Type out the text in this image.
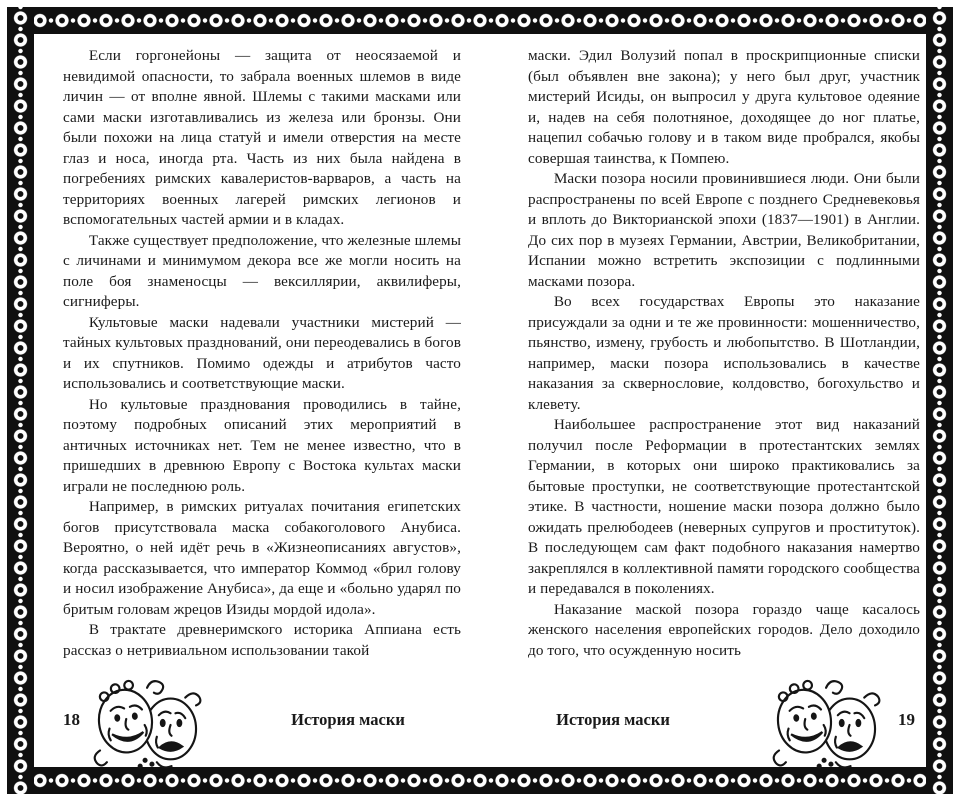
Если горгонейоны — защита от неосязаемой и невидимой опасности, то забрала военных шлемов в виде личин — от вполне явной. Шлемы с такими масками или сами маски изготавливались из железа или бронзы. Они были похожи на лица статуй и имели отверстия на месте глаз и носа, иногда рта. Часть из них была найдена в погребениях римских кавалеристов-варваров, а часть на территориях военных лагерей римских легионов и вспомогательных частей армии и в кладах.

Также существует предположение, что железные шлемы с личинами и минимумом декора все же могли носить на поле боя знаменосцы — вексиллярии, аквилиферы, сигниферы.

Культовые маски надевали участники мистерий — тайных культовых празднований, они переодевались в богов и их спутников. Помимо одежды и атрибутов часто использовались и соответствующие маски.

Но культовые празднования проводились в тайне, поэтому подробных описаний этих мероприятий в античных источниках нет. Тем не менее известно, что в пришедших в древнюю Европу с Востока культах маски играли не последнюю роль.

Например, в римских ритуалах почитания египетских богов присутствовала маска собакоголового Анубиса. Вероятно, о ней идёт речь в «Жизнеописаниях августов», когда рассказывается, что император Коммод «брил голову и носил изображение Анубиса», да еще и «больно ударял по бритым головам жрецов Изиды мордой идола».

В трактате древнеримского историка Аппиана есть рассказ о нетривиальном использовании такой

18	История маски

маски. Эдил Волузий попал в проскрипционные списки (был объявлен вне закона); у него был друг, участник мистерий Исиды, он выпросил у друга культовое одеяние и, надев на себя полотняное, доходящее до ног платье, нацепил собачью голову и в таком виде пробрался, якобы совершая таинства, к Помпею.

Маски позора носили провинившиеся люди. Они были распространены по всей Европе с позднего Средневековья и вплоть до Викторианской эпохи (1837—1901) в Англии. До сих пор в музеях Германии, Австрии, Великобритании, Испании можно встретить экспозиции с подлинными масками позора.

Во всех государствах Европы это наказание присуждали за одни и те же провинности: мошенничество, пьянство, измену, грубость и любопытство. В Шотландии, например, маски позора использовались в качестве наказания за сквернословие, колдовство, богохульство и клевету.

Наибольшее распространение этот вид наказаний получил после Реформации в протестантских землях Германии, в которых они широко практиковались за бытовые проступки, не соответствующие протестантской этике. В частности, ношение маски позора должно было ожидать прелюбодеев (неверных супругов и проституток). В последующем сам факт подобного наказания намертво закреплялся в коллективной памяти городского сообщества и передавался в поколениях.

Наказание маской позора гораздо чаще касалось женского населения европейских городов. Дело доходило до того, что осужденную носить

История маски	19
